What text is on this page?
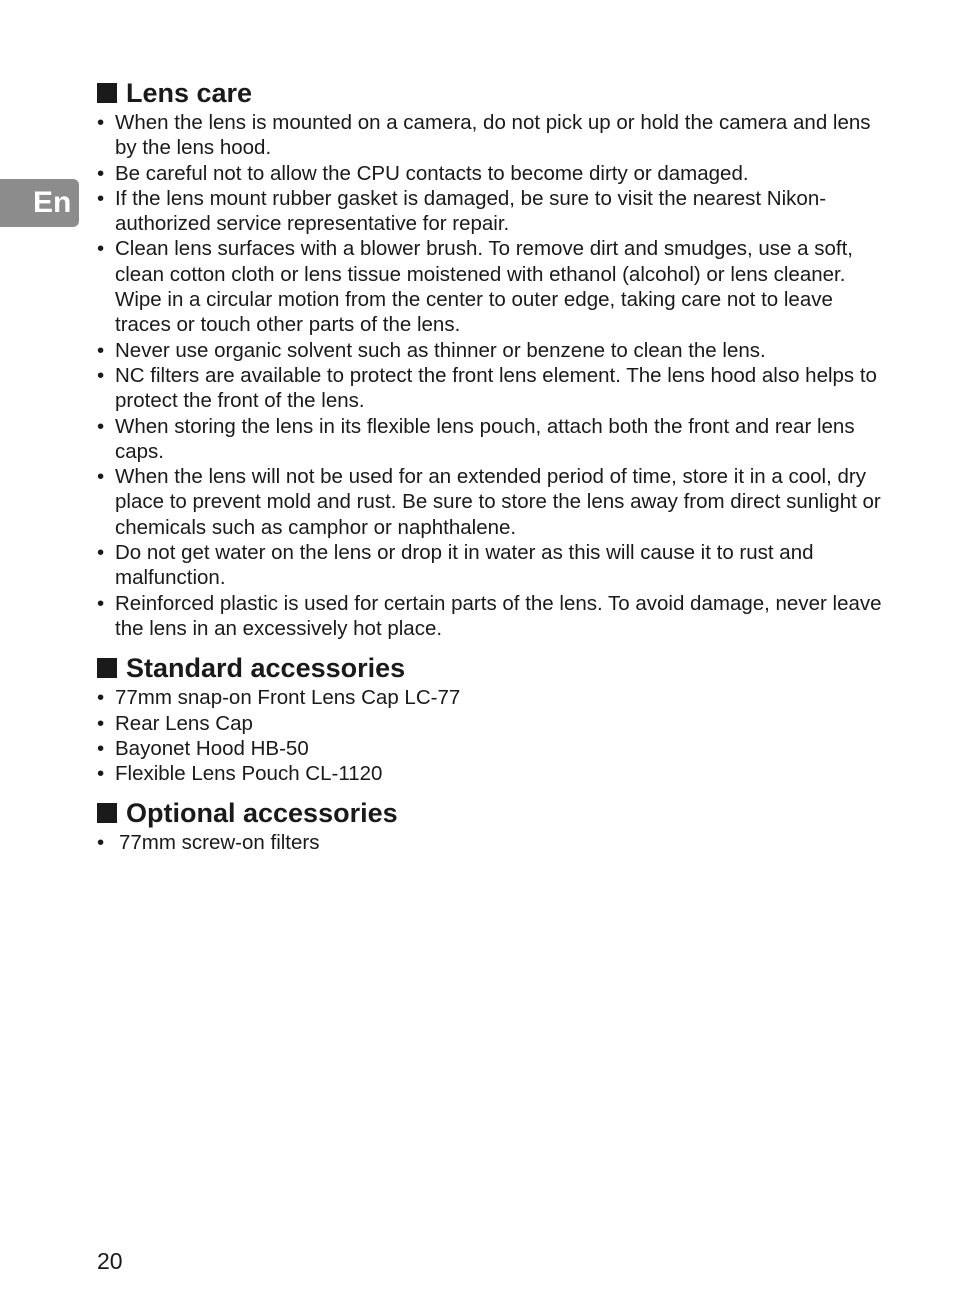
En
Lens care
• When the lens is mounted on a camera, do not pick up or hold the camera and lens by the lens hood.
• Be careful not to allow the CPU contacts to become dirty or damaged.
• If the lens mount rubber gasket is damaged, be sure to visit the nearest Nikon-authorized service representative for repair.
• Clean lens surfaces with a blower brush. To remove dirt and smudges, use a soft, clean cotton cloth or lens tissue moistened with ethanol (alcohol) or lens cleaner. Wipe in a circular motion from the center to outer edge, taking care not to leave traces or touch other parts of the lens.
• Never use organic solvent such as thinner or benzene to clean the lens.
• NC filters are available to protect the front lens element. The lens hood also helps to protect the front of the lens.
• When storing the lens in its flexible lens pouch, attach both the front and rear lens caps.
• When the lens will not be used for an extended period of time, store it in a cool, dry place to prevent mold and rust. Be sure to store the lens away from direct sunlight or chemicals such as camphor or naphthalene.
• Do not get water on the lens or drop it in water as this will cause it to rust and malfunction.
• Reinforced plastic is used for certain parts of the lens. To avoid damage, never leave the lens in an excessively hot place.
Standard accessories
• 77mm snap-on Front Lens Cap LC-77
• Rear Lens Cap
• Bayonet Hood HB-50
• Flexible Lens Pouch CL-1120
Optional accessories
• 77mm screw-on filters
20
